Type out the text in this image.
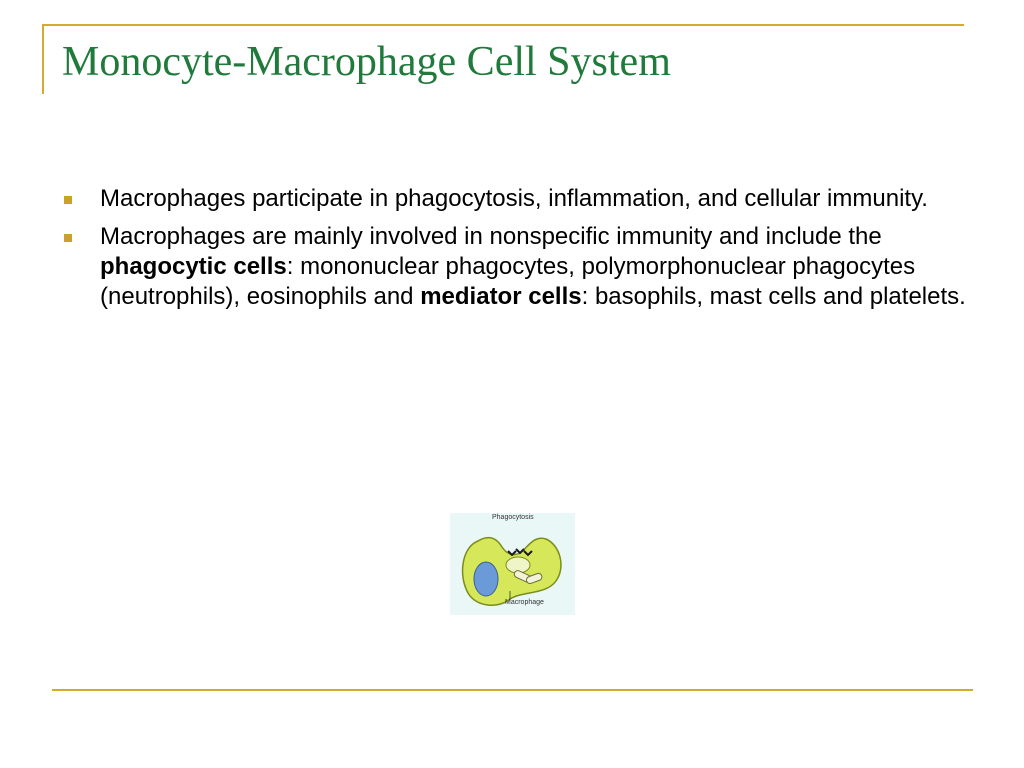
Monocyte-Macrophage Cell System
Macrophages participate in phagocytosis, inflammation, and cellular immunity.
Macrophages are mainly involved in nonspecific immunity and include the phagocytic cells: mononuclear phagocytes, polymorphonuclear phagocytes (neutrophils), eosinophils and mediator cells: basophils, mast cells and platelets.
Phagocytosis
Macrophage
